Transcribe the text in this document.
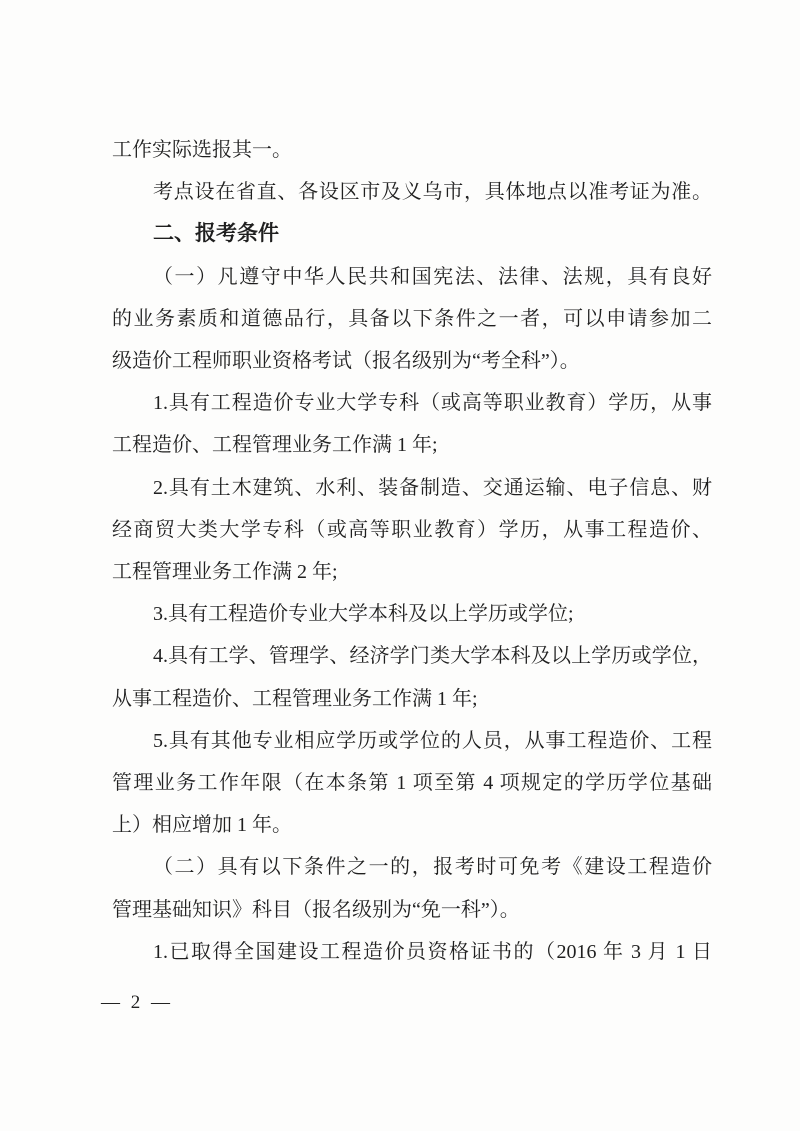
工作实际选报其一。
考点设在省直、各设区市及义乌市，具体地点以准考证为准。
二、报考条件
（一）凡遵守中华人民共和国宪法、法律、法规，具有良好
的业务素质和道德品行，具备以下条件之一者，可以申请参加二
级造价工程师职业资格考试（报名级别为“考全科”）。
1.具有工程造价专业大学专科（或高等职业教育）学历，从事
工程造价、工程管理业务工作满 1 年;
2.具有土木建筑、水利、装备制造、交通运输、电子信息、财
经商贸大类大学专科（或高等职业教育）学历，从事工程造价、
工程管理业务工作满 2 年;
3.具有工程造价专业大学本科及以上学历或学位;
4.具有工学、管理学、经济学门类大学本科及以上学历或学位，
从事工程造价、工程管理业务工作满 1 年;
5.具有其他专业相应学历或学位的人员，从事工程造价、工程
管理业务工作年限（在本条第 1 项至第 4 项规定的学历学位基础
上）相应增加 1 年。
（二）具有以下条件之一的，报考时可免考《建设工程造价
管理基础知识》科目（报名级别为“免一科”）。
1.已取得全国建设工程造价员资格证书的（2016 年 3 月 1 日
— 2 —
